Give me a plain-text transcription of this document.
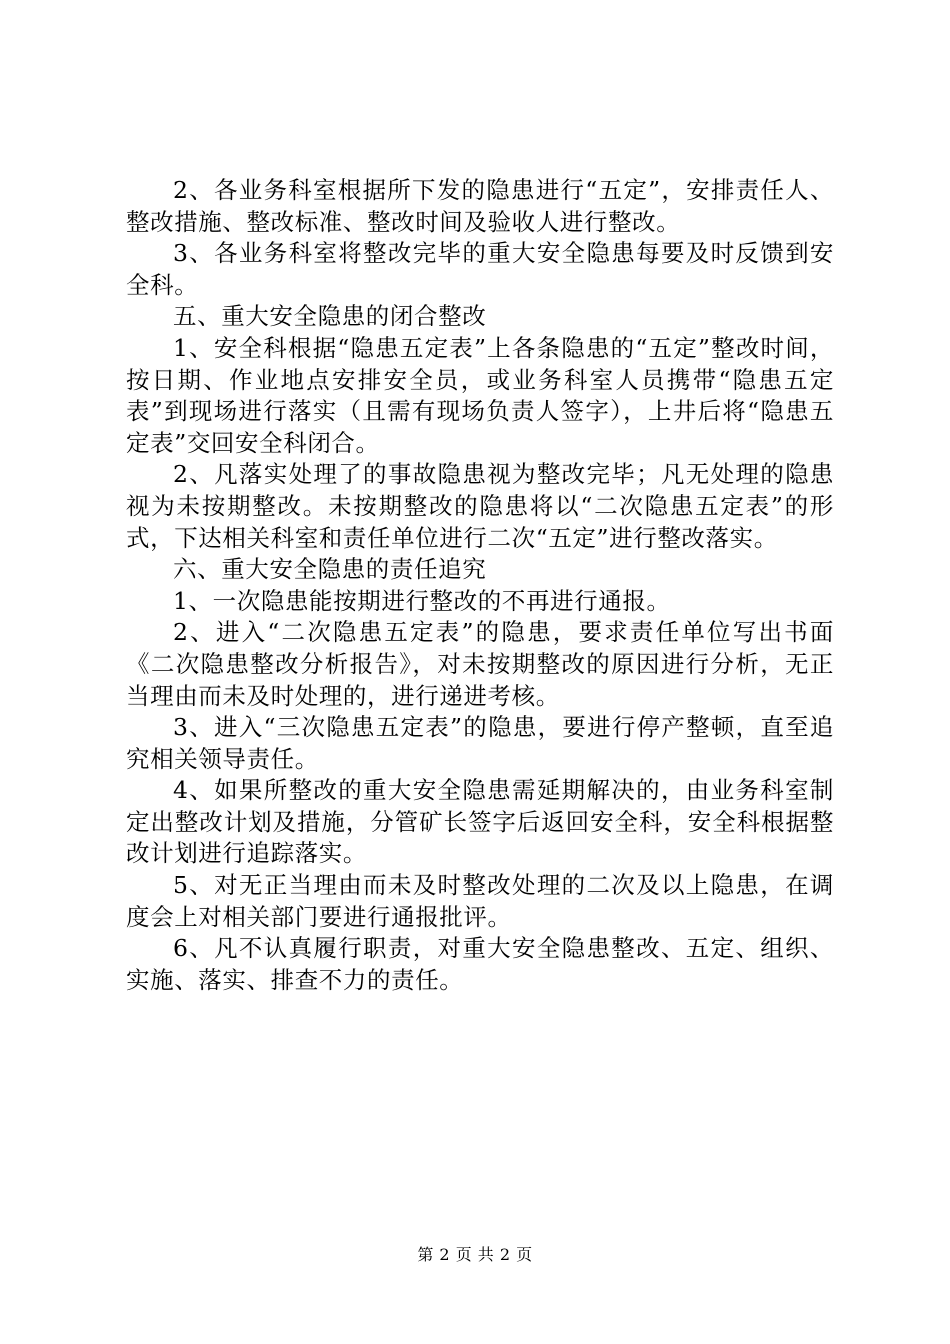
2、各业务科室根据所下发的隐患进行“五定”，安排责任人、整改措施、整改标准、整改时间及验收人进行整改。

3、各业务科室将整改完毕的重大安全隐患每要及时反馈到安全科。

五、重大安全隐患的闭合整改

1、安全科根据“隐患五定表”上各条隐患的“五定”整改时间，按日期、作业地点安排安全员，或业务科室人员携带“隐患五定表”到现场进行落实（且需有现场负责人签字），上井后将“隐患五定表”交回安全科闭合。

2、凡落实处理了的事故隐患视为整改完毕；凡无处理的隐患视为未按期整改。未按期整改的隐患将以“二次隐患五定表”的形式，下达相关科室和责任单位进行二次“五定”进行整改落实。

六、重大安全隐患的责任追究

1、一次隐患能按期进行整改的不再进行通报。

2、进入“二次隐患五定表”的隐患，要求责任单位写出书面《二次隐患整改分析报告》，对未按期整改的原因进行分析，无正当理由而未及时处理的，进行递进考核。

3、进入“三次隐患五定表”的隐患，要进行停产整顿，直至追究相关领导责任。

4、如果所整改的重大安全隐患需延期解决的，由业务科室制定出整改计划及措施，分管矿长签字后返回安全科，安全科根据整改计划进行追踪落实。

5、对无正当理由而未及时整改处理的二次及以上隐患，在调度会上对相关部门要进行通报批评。

6、凡不认真履行职责，对重大安全隐患整改、五定、组织、实施、落实、排查不力的责任。

第 2 页 共 2 页
